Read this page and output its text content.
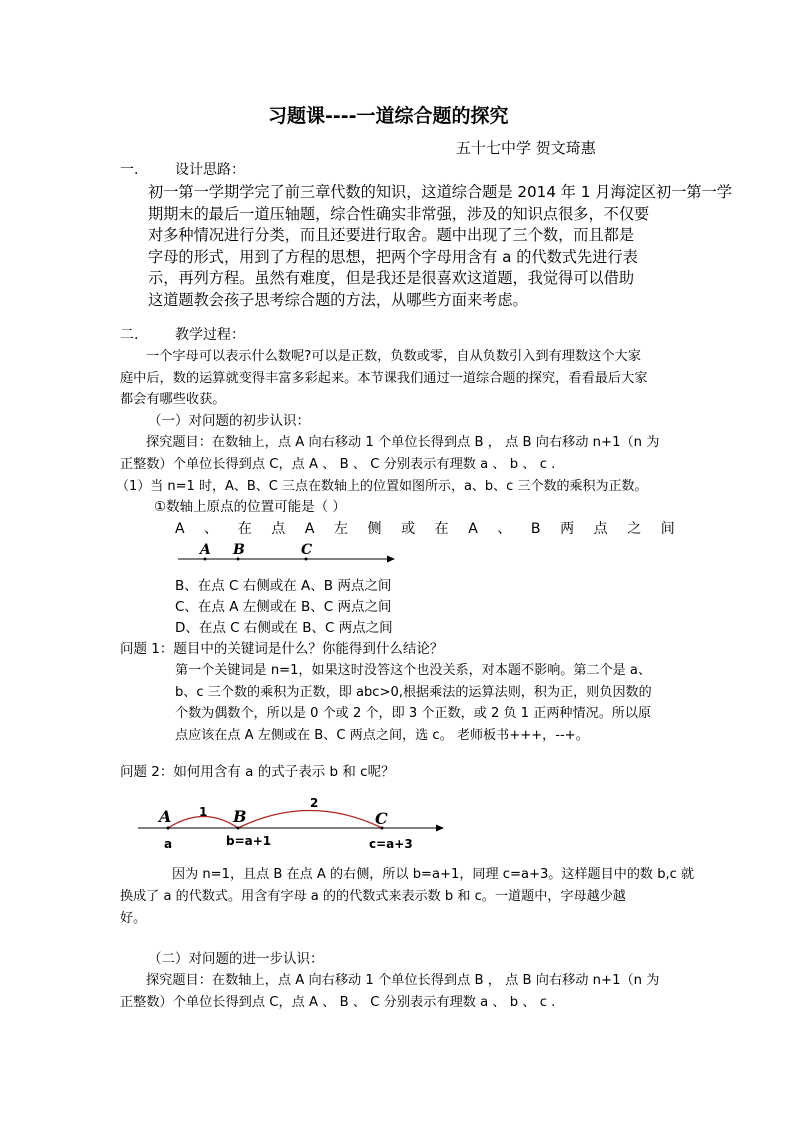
习题课----一道综合题的探究
五十七中学 贺文琦惠
一.	设计思路：
初一第一学期学完了前三章代数的知识，这道综合题是 2014 年 1 月海淀区初一第一学
期期末的最后一道压轴题，综合性确实非常强，涉及的知识点很多，不仅要
对多种情况进行分类，而且还要进行取舍。题中出现了三个数，而且都是
字母的形式，用到了方程的思想，把两个字母用含有 a 的代数式先进行表
示，再列方程。虽然有难度，但是我还是很喜欢这道题，我觉得可以借助
这道题教会孩子思考综合题的方法，从哪些方面来考虑。
二.	教学过程：
一个字母可以表示什么数呢?可以是正数，负数或零，自从负数引入到有理数这个大家
庭中后，数的运算就变得丰富多彩起来。本节课我们通过一道综合题的探究，看看最后大家
都会有哪些收获。
（一）对问题的初步认识：
探究题目：在数轴上，点 A 向右移动 1 个单位长得到点 B ， 点 B 向右移动 n+1（n 为
正整数）个单位长得到点 C，点 A 、 B 、 C 分别表示有理数 a 、 b 、 c .
（1）当 n=1 时，A、B、C 三点在数轴上的位置如图所示，a、b、c 三个数的乘积为正数。
①数轴上原点的位置可能是（ ）
A 、 在 点 A 左 侧 或 在 A 、 B 两 点 之 间
A B	C
B、在点 C 右侧或在 A、B 两点之间
C、在点 A 左侧或在 B、C 两点之间
D、在点 C 右侧或在 B、C 两点之间
问题 1：题目中的关键词是什么？你能得到什么结论？
第一个关键词是 n=1，如果这时没答这个也没关系，对本题不影响。第二个是 a、
b、c 三个数的乘积为正数，即 abc>0,根据乘法的运算法则，积为正，则负因数的
个数为偶数个，所以是 0 个或 2 个，即 3 个正数，或 2 负 1 正两种情况。所以原
点应该在点 A 左侧或在 B、C 两点之间，选 c。 老师板书+++，--+。
问题 2：如何用含有 a 的式子表示 b 和 c呢？
A	B	C
1
2
a	b=a+1	c=a+3
因为 n=1，且点 B 在点 A 的右侧，所以 b=a+1，同理 c=a+3。这样题目中的数 b,c 就
换成了 a 的代数式。用含有字母 a 的的代数式来表示数 b 和 c。一道题中，字母越少越
好。
（二）对问题的进一步认识：
探究题目：在数轴上，点 A 向右移动 1 个单位长得到点 B ， 点 B 向右移动 n+1（n 为
正整数）个单位长得到点 C，点 A 、 B 、 C 分别表示有理数 a 、 b 、 c .
